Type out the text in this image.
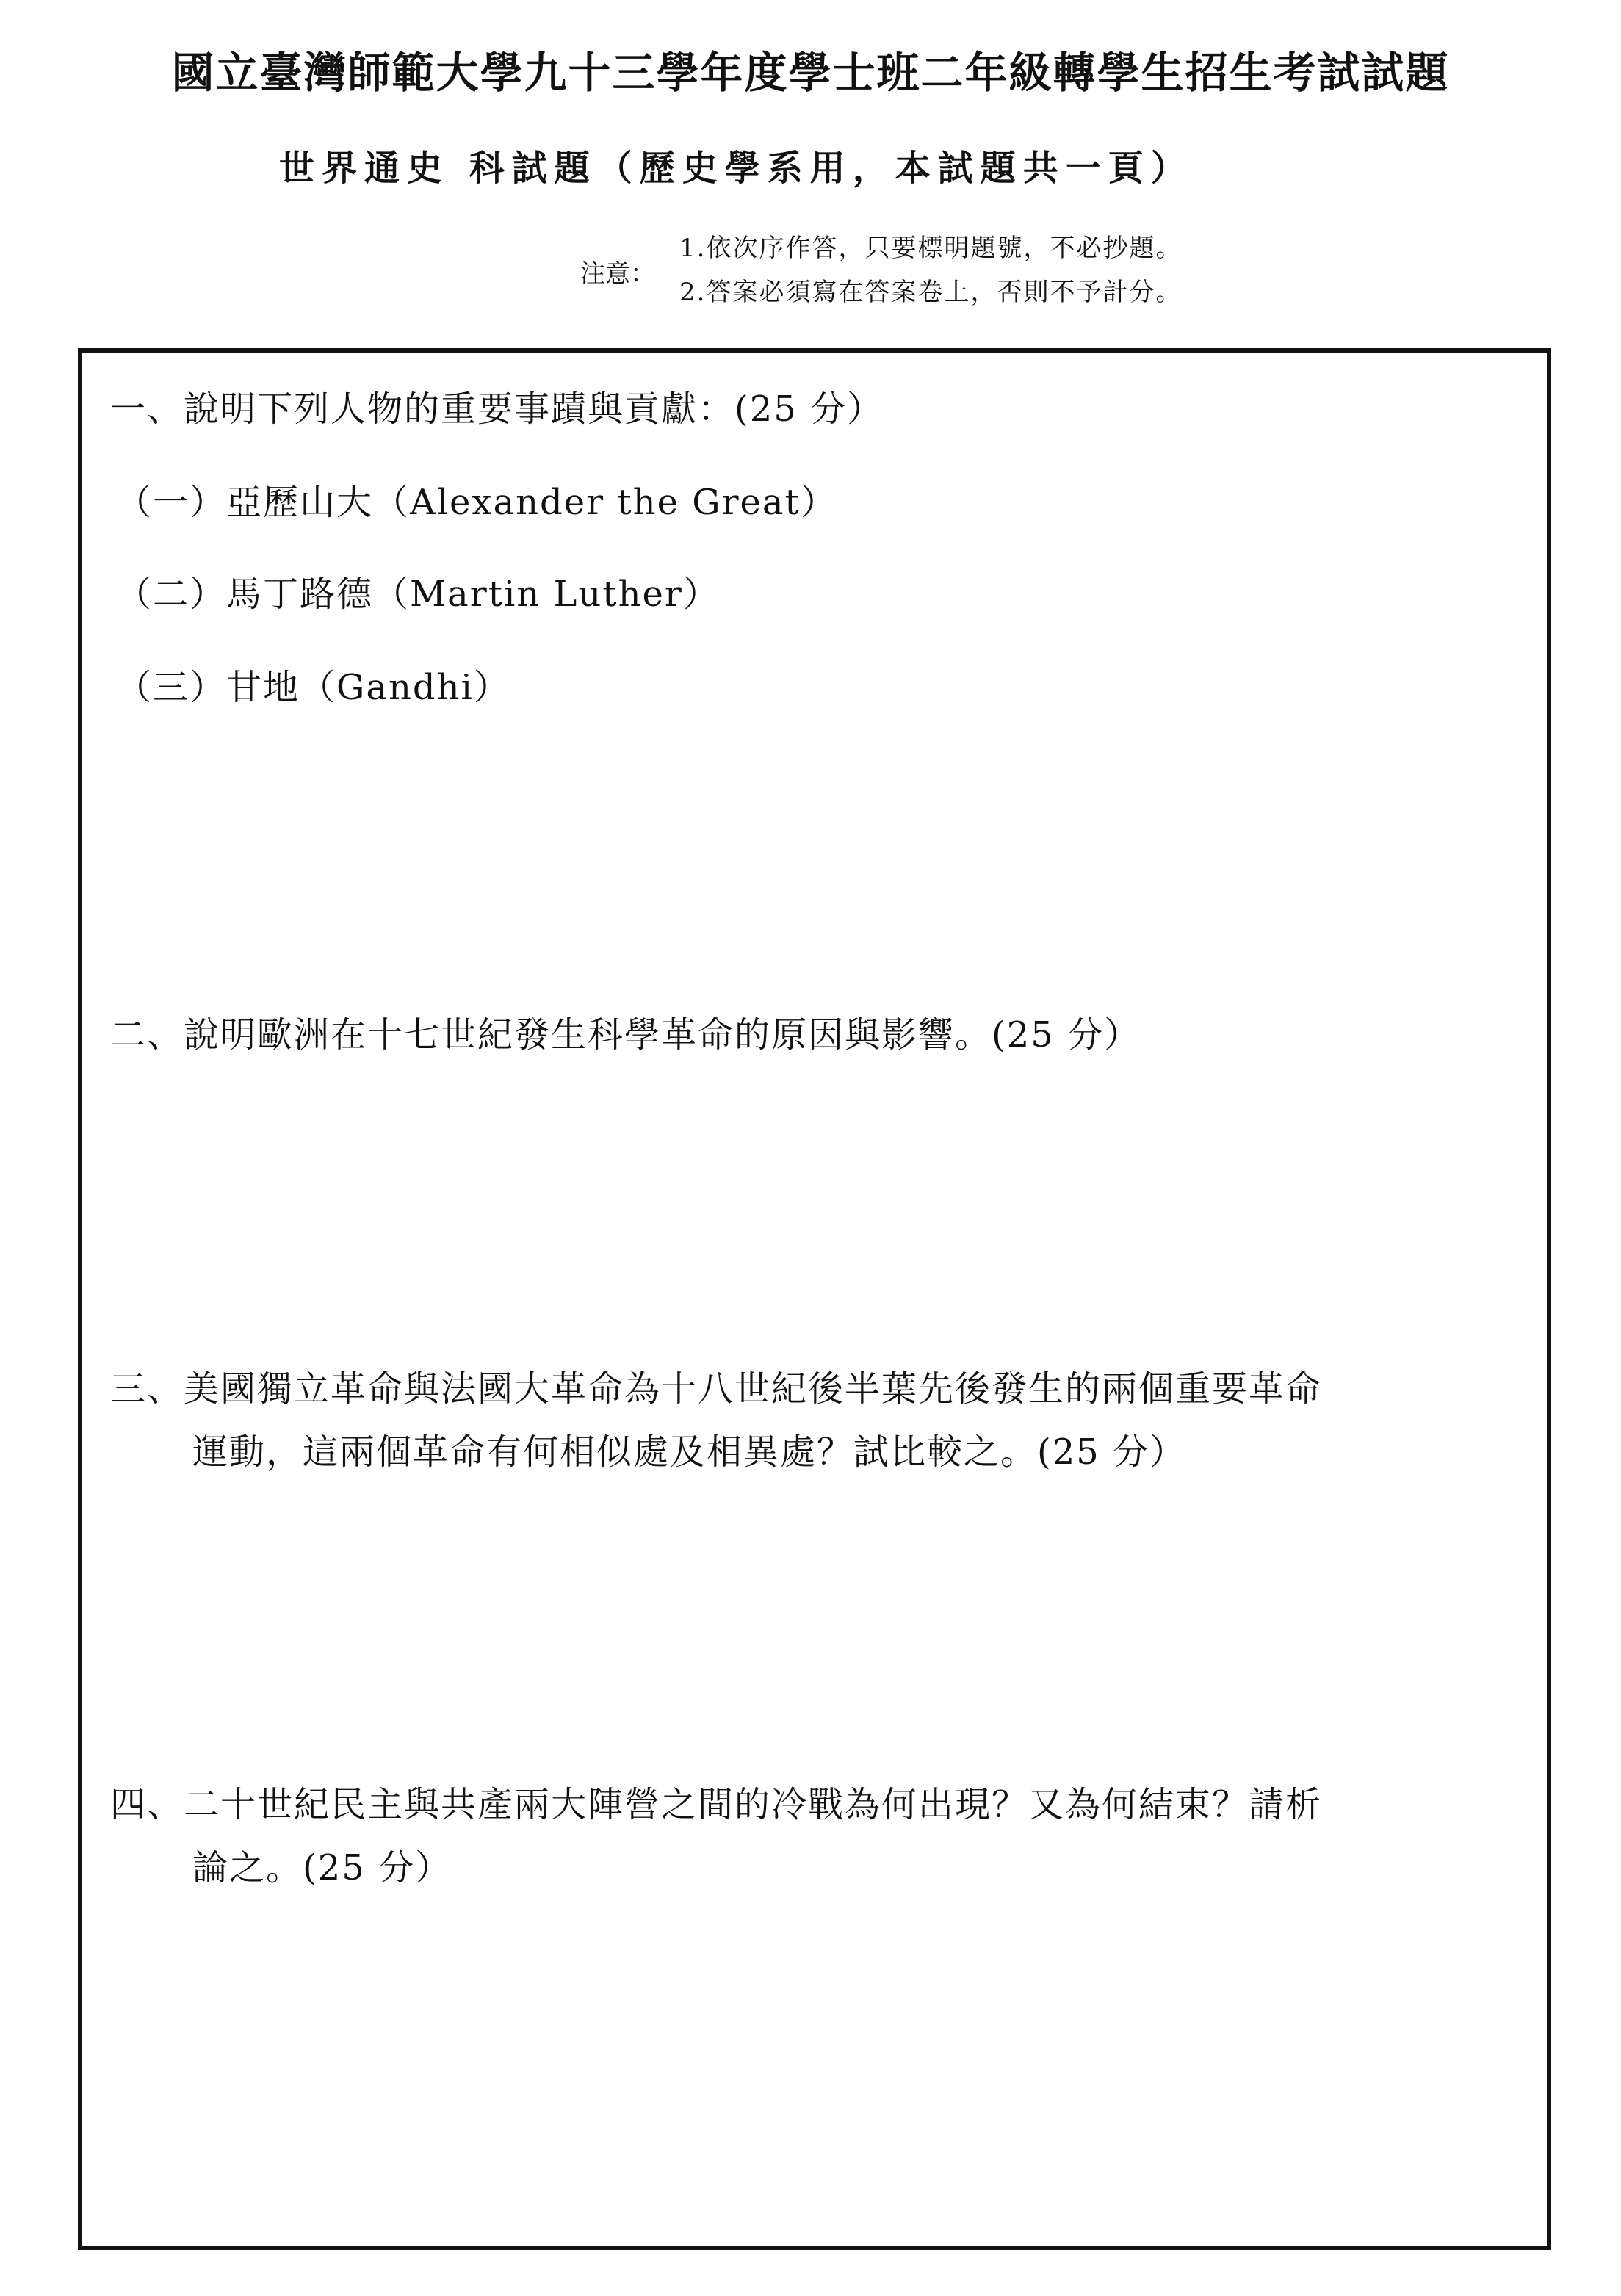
國立臺灣師範大學九十三學年度學士班二年級轉學生招生考試試題
世界通史 科試題（歷史學系用，本試題共一頁）
注意：
1.依次序作答，只要標明題號，不必抄題。
2.答案必須寫在答案卷上，否則不予計分。
一、說明下列人物的重要事蹟與貢獻：(25 分）
（一）亞歷山大（Alexander the Great）
（二）馬丁路德（Martin Luther）
（三）甘地（Gandhi）
二、說明歐洲在十七世紀發生科學革命的原因與影響。(25 分）
三、美國獨立革命與法國大革命為十八世紀後半葉先後發生的兩個重要革命
運動，這兩個革命有何相似處及相異處？試比較之。(25 分）
四、二十世紀民主與共產兩大陣營之間的冷戰為何出現？又為何結束？請析
論之。(25 分）
